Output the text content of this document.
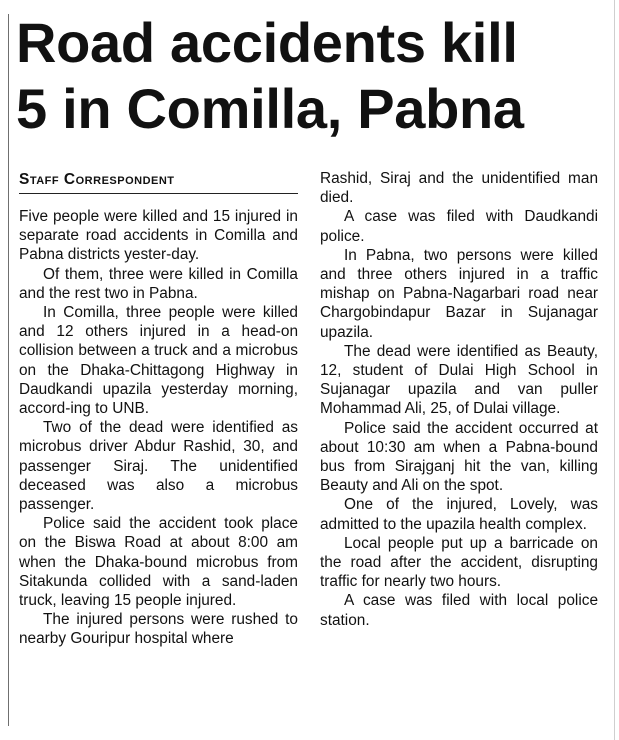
Road accidents kill
5 in Comilla, Pabna
Staff Correspondent

Five people were killed and 15 injured in separate road accidents in Comilla and Pabna districts yester-day.

Of them, three were killed in Comilla and the rest two in Pabna.

In Comilla, three people were killed and 12 others injured in a head-on collision between a truck and a microbus on the Dhaka-Chittagong Highway in Daudkandi upazila yesterday morning, accord-ing to UNB.

Two of the dead were identified as microbus driver Abdur Rashid, 30, and passenger Siraj. The unidentified deceased was also a microbus passenger.

Police said the accident took place on the Biswa Road at about 8:00 am when the Dhaka-bound microbus from Sitakunda collided with a sand-laden truck, leaving 15 people injured.

The injured persons were rushed to nearby Gouripur hospital where

Rashid, Siraj and the unidentified man died.

A case was filed with Daudkandi police.

In Pabna, two persons were killed and three others injured in a traffic mishap on Pabna-Nagarbari road near Chargobindapur Bazar in Sujanagar upazila.

The dead were identified as Beauty, 12, student of Dulai High School in Sujanagar upazila and van puller Mohammad Ali, 25, of Dulai village.

Police said the accident occurred at about 10:30 am when a Pabna-bound bus from Sirajganj hit the van, killing Beauty and Ali on the spot.

One of the injured, Lovely, was admitted to the upazila health complex.

Local people put up a barricade on the road after the accident, disrupting traffic for nearly two hours.

A case was filed with local police station.
